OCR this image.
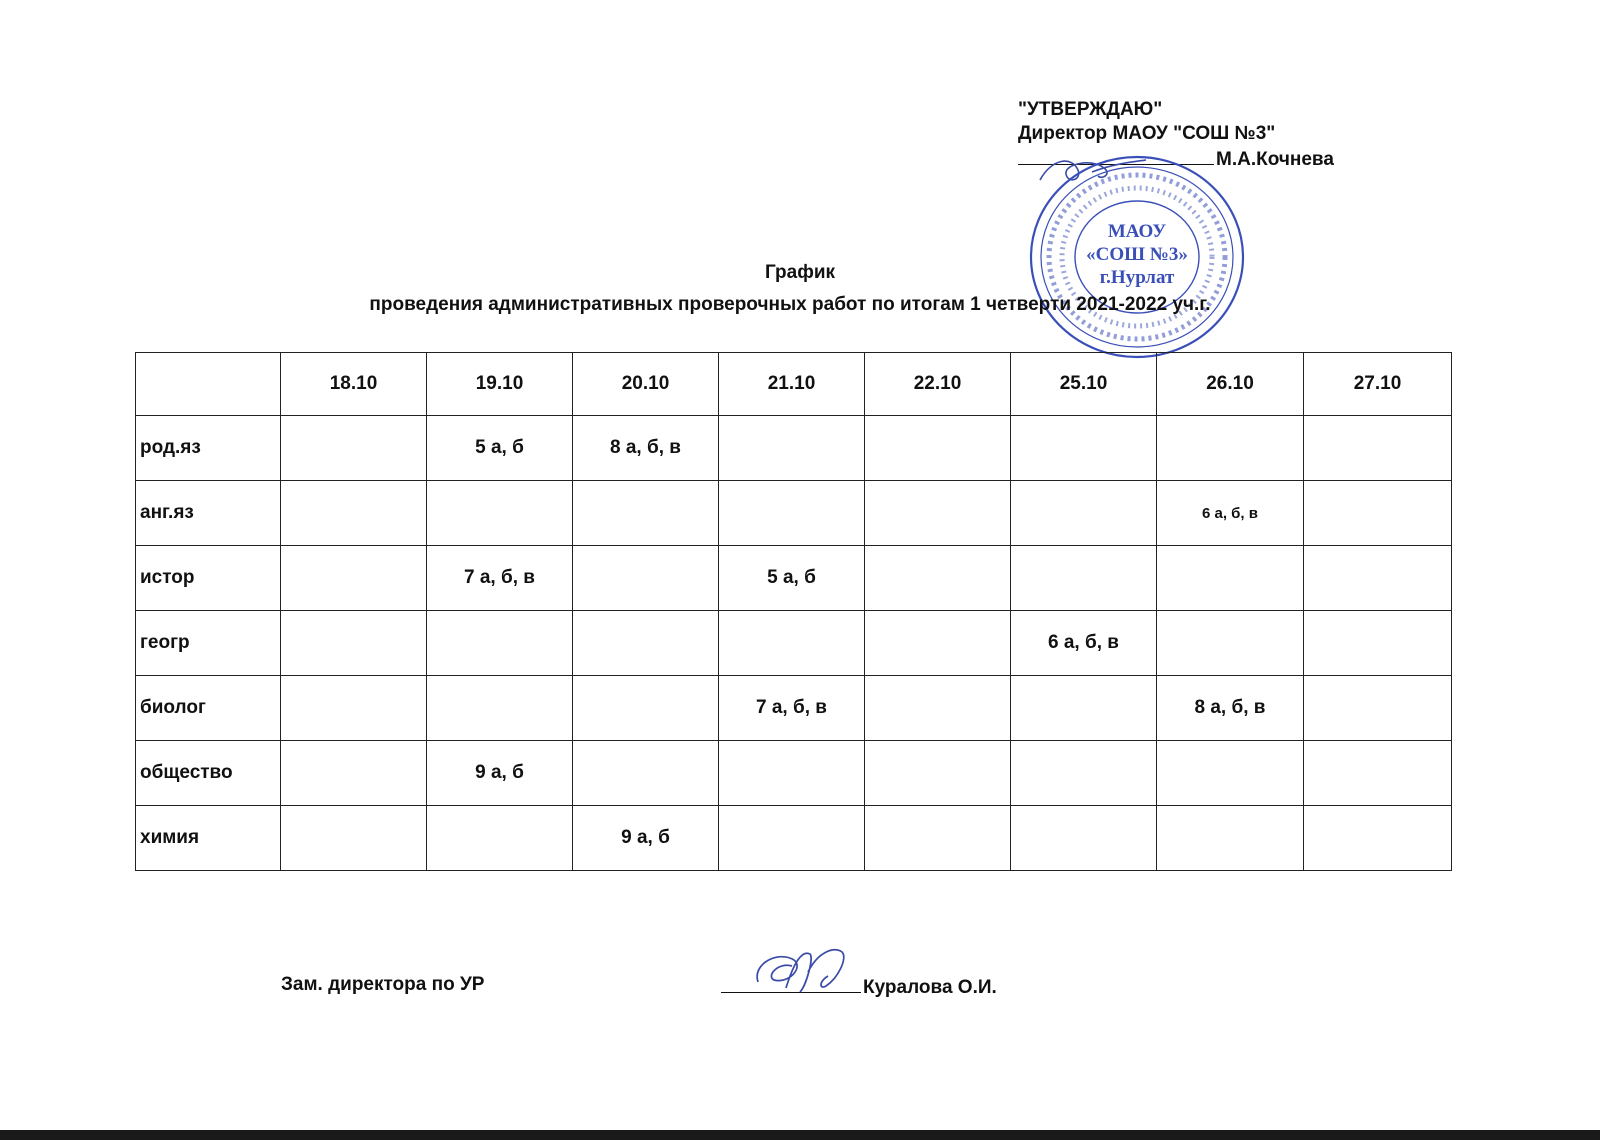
"УТВЕРЖДАЮ"
Директор МАОУ "СОШ №3"
М.А.Кочнева
МАОУ
«СОШ №3»
г.Нурлат
График
проведения административных проверочных работ по итогам 1 четверти 2021-2022 уч.г.
	18.10	19.10	20.10	21.10	22.10	25.10	26.10	27.10
род.яз		5 а, б	8 а, б, в					
анг.яз							6 а, б, в	
истор		7 а, б, в		5 а, б				
геогр						6 а, б, в		
биолог				7 а, б, в			8 а, б, в	
общество		9 а, б						
химия			9 а, б					
Зам. директора по УР	Куралова О.И.
